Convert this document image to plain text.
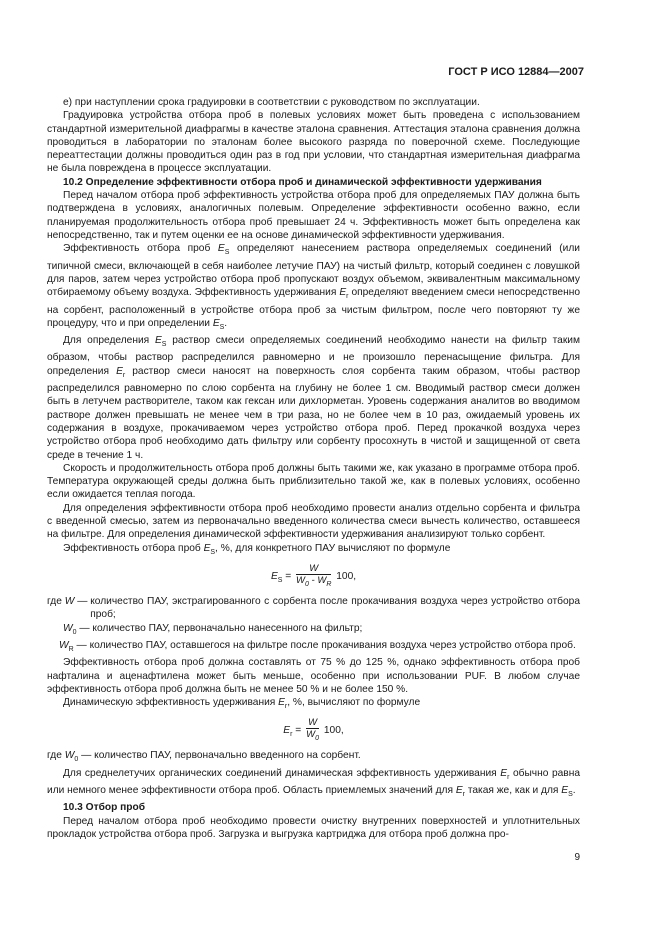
ГОСТ Р ИСО 12884—2007

е) при наступлении срока градуировки в соответствии с руководством по эксплуатации.

Градуировка устройства отбора проб в полевых условиях может быть проведена с использованием стандартной измерительной диафрагмы в качестве эталона сравнения. Аттестация эталона сравнения должна проводиться в лаборатории по эталонам более высокого разряда по поверочной схеме. Последующие переаттестации должны проводиться один раз в год при условии, что стандартная измерительная диафрагма не была повреждена в процессе эксплуатации.

10.2 Определение эффективности отбора проб и динамической эффективности удерживания

Перед началом отбора проб эффективность устройства отбора проб для определяемых ПАУ должна быть подтверждена в условиях, аналогичных полевым. Определение эффективности особенно важно, если планируемая продолжительность отбора проб превышает 24 ч. Эффективность может быть определена как непосредственно, так и путем оценки ее на основе динамической эффективности удерживания.

Эффективность отбора проб $E_S$ определяют нанесением раствора определяемых соединений (или типичной смеси, включающей в себя наиболее летучие ПАУ) на чистый фильтр, который соединен с ловушкой для паров, затем через устройство отбора проб пропускают воздух объемом, эквивалентным максимальному отбираемому объему воздуха. Эффективность удерживания $E_r$ определяют введением смеси непосредственно на сорбент, расположенный в устройстве отбора проб за чистым фильтром, после чего повторяют ту же процедуру, что и при определении $E_S$.

Для определения $E_S$ раствор смеси определяемых соединений необходимо нанести на фильтр таким образом, чтобы раствор распределился равномерно и не произошло перенасыщение фильтра. Для определения $E_r$ раствор смеси наносят на поверхность слоя сорбента таким образом, чтобы раствор распределился равномерно по слою сорбента на глубину не более 1 см. Вводимый раствор смеси должен быть в летучем растворителе, таком как гексан или дихлорметан. Уровень содержания аналитов во вводимом растворе должен превышать не менее чем в три раза, но не более чем в 10 раз, ожидаемый уровень их содержания в воздухе, прокачиваемом через устройство отбора проб. Перед прокачкой воздуха через устройство отбора проб необходимо дать фильтру или сорбенту просохнуть в чистой и защищенной от света среде в течение 1 ч.

Скорость и продолжительность отбора проб должны быть такими же, как указано в программе отбора проб. Температура окружающей среды должна быть приблизительно такой же, как в полевых условиях, особенно если ожидается теплая погода.

Для определения эффективности отбора проб необходимо провести анализ отдельно сорбента и фильтра с введенной смесью, затем из первоначально введенного количества смеси вычесть количество, оставшееся на фильтре. Для определения динамической эффективности удерживания анализируют только сорбент.

Эффективность отбора проб $E_S$, %, для конкретного ПАУ вычисляют по формуле

$E_S = \frac{W}{W_0 - W_R} 100$,
где W — количество ПАУ, экстрагированного с сорбента после прокачивания воздуха через устройство отбора проб;
$W_0$ — количество ПАУ, первоначально нанесенного на фильтр;
$W_R$ — количество ПАУ, оставшегося на фильтре после прокачивания воздуха через устройство отбора проб.

Эффективность отбора проб должна составлять от 75 % до 125 %, однако эффективность отбора проб нафталина и аценафтилена может быть меньше, особенно при использовании PUF. В любом случае эффективность отбора проб должна быть не менее 50 % и не более 150 %.

Динамическую эффективность удерживания $E_r$, %, вычисляют по формуле

$E_r = \frac{W}{W_0} 100$,
где $W_0$ — количество ПАУ, первоначально введенного на сорбент.

Для среднелетучих органических соединений динамическая эффективность удерживания $E_r$ обычно равна или немного менее эффективности отбора проб. Область приемлемых значений для $E_r$ такая же, как и для $E_S$.

10.3 Отбор проб

Перед началом отбора проб необходимо провести очистку внутренних поверхностей и уплотнительных прокладок устройства отбора проб. Загрузка и выгрузка картриджа для отбора проб должна про-

9
